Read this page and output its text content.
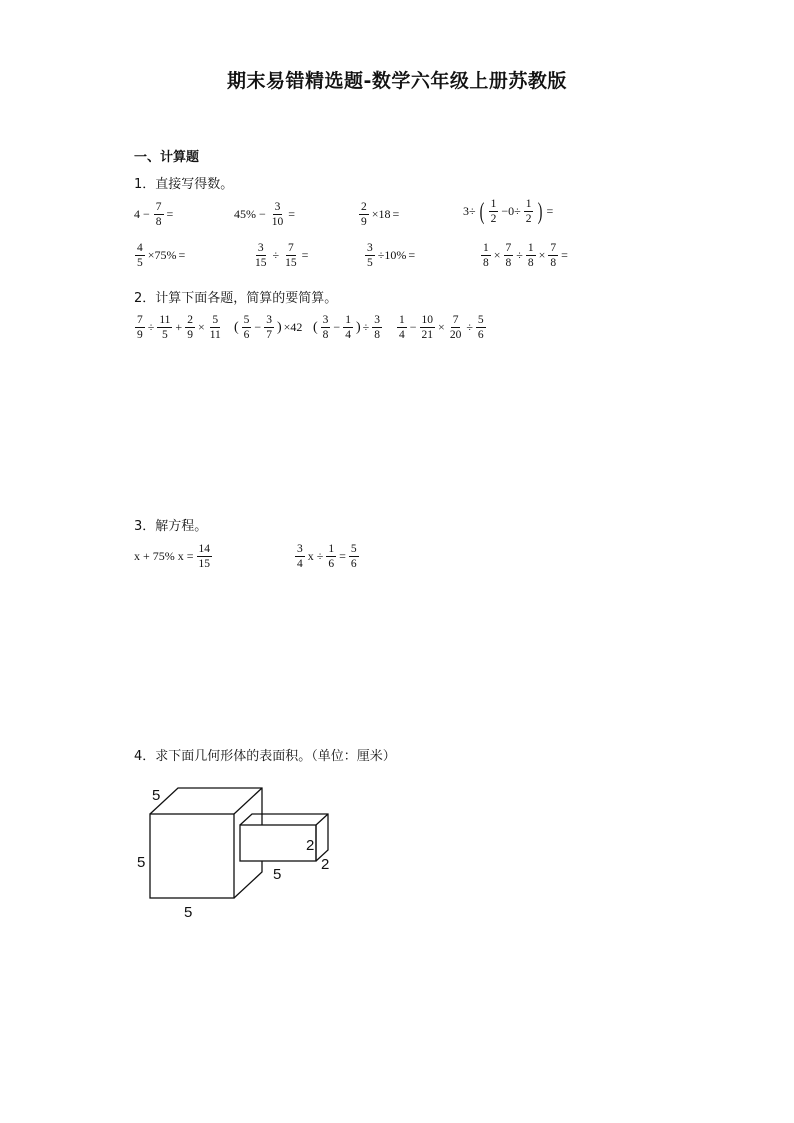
期末易错精选题-数学六年级上册苏教版
一、计算题
1．直接写得数。
$4 - \frac{7}{8}$ =	$45\% - \frac{3}{10}$ =	$\frac{2}{9} \times 18$ =	3÷ ( $\frac{1}{2} -0\div \frac{1}{2}$ ) =
$\frac{4}{5} \times 75\%$ =	$\frac{3}{15} \div \frac{7}{15}$ =	$\frac{3}{5} \div 10\%$ =	$\frac{1}{8} \times \frac{7}{8} \div \frac{1}{8} \times \frac{7}{8}$ =
2．计算下面各题，简算的要简算。
$\frac{7}{9} \div \frac{11}{5} + \frac{2}{9} \times \frac{5}{11}$ ( $\frac{5}{6} - \frac{3}{7}$ ) ×42 ( $\frac{3}{8} - \frac{1}{4}$ ) ÷ $\frac{3}{8} \frac{1}{4} - \frac{10}{21} \times \frac{7}{20} \div \frac{5}{6}$
3．解方程。
x + 75% $x = \frac{14}{15}$	$\frac{3}{4}$ $x \div \frac{1}{6} = \frac{5}{6}$
4．求下面几何形体的表面积。（单位：厘米）
5
5
5
2
2
5
